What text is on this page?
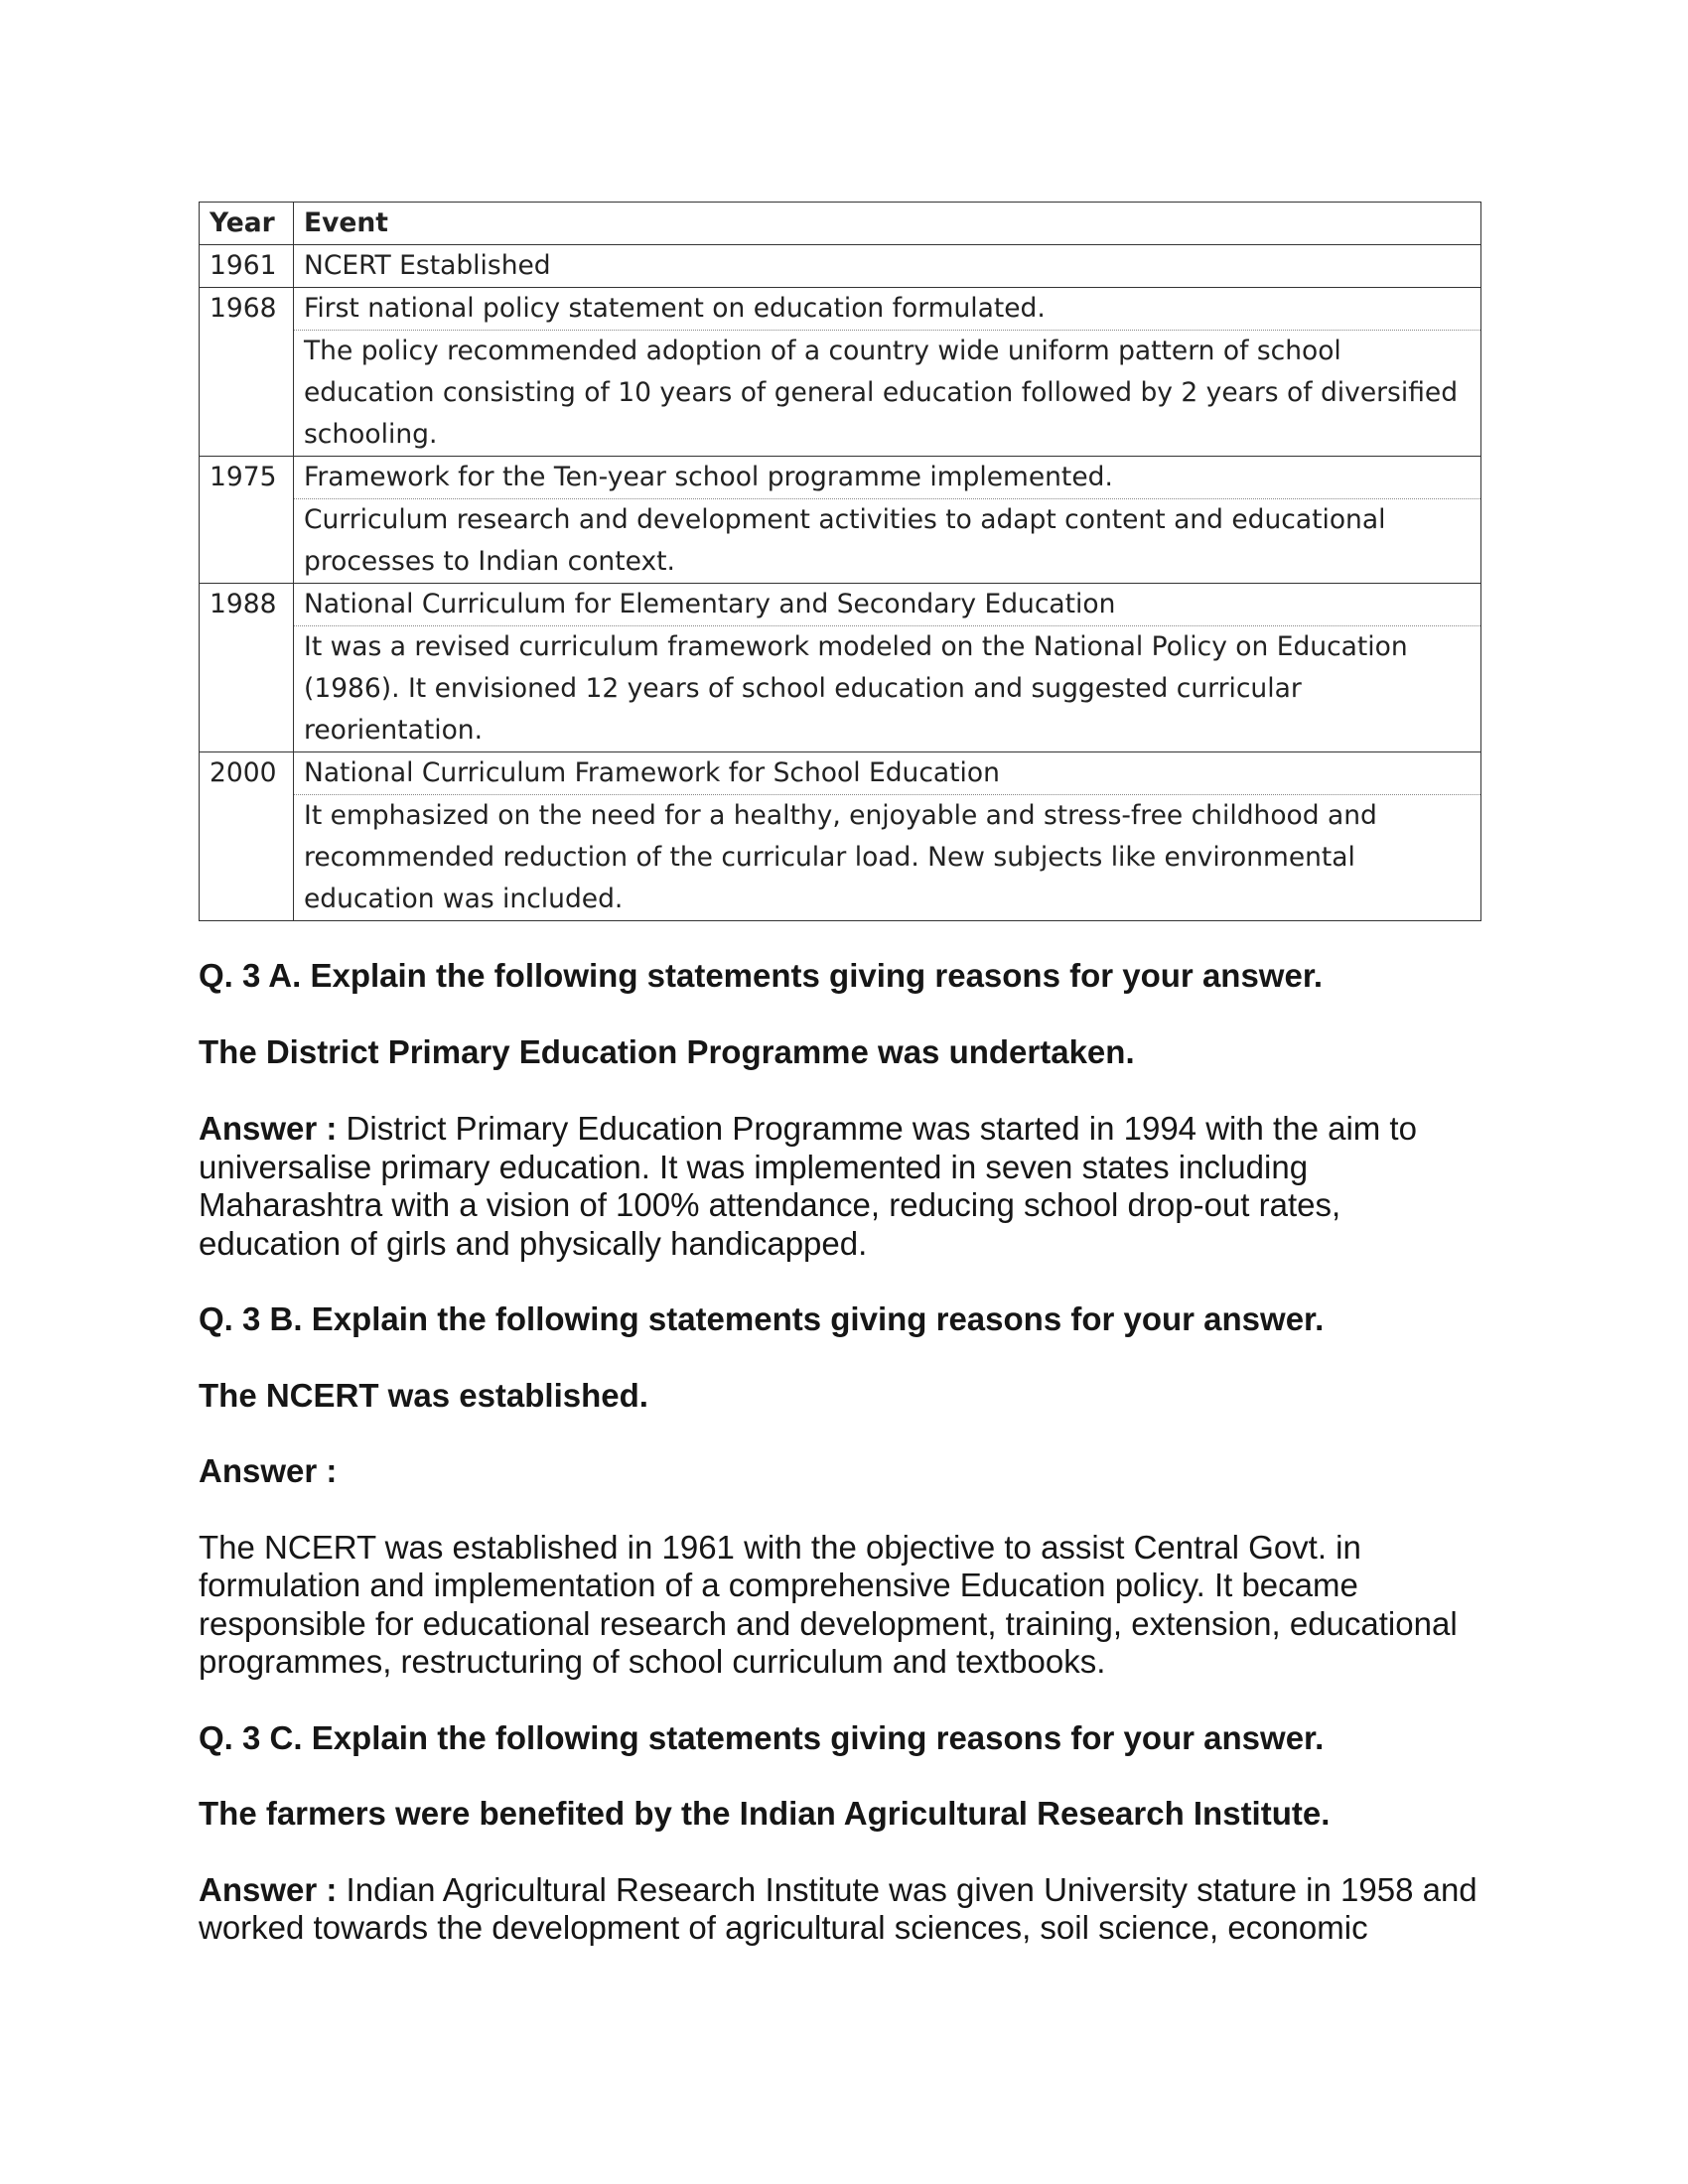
Year	Event
1961	NCERT Established
1968	First national policy statement on education formulated.
	The policy recommended adoption of a country wide uniform pattern of school education consisting of 10 years of general education followed by 2 years of diversified schooling.
1975	Framework for the Ten-year school programme implemented.
	Curriculum research and development activities to adapt content and educational processes to Indian context.
1988	National Curriculum for Elementary and Secondary Education
	It was a revised curriculum framework modeled on the National Policy on Education (1986). It envisioned 12 years of school education and suggested curricular reorientation.
2000	National Curriculum Framework for School Education
	It emphasized on the need for a healthy, enjoyable and stress-free childhood and recommended reduction of the curricular load. New subjects like environmental education was included.

Q. 3 A. Explain the following statements giving reasons for your answer.

The District Primary Education Programme was undertaken.

Answer : District Primary Education Programme was started in 1994 with the aim to universalise primary education. It was implemented in seven states including Maharashtra with a vision of 100% attendance, reducing school drop-out rates, education of girls and physically handicapped.

Q. 3 B. Explain the following statements giving reasons for your answer.

The NCERT was established.

Answer :

The NCERT was established in 1961 with the objective to assist Central Govt. in formulation and implementation of a comprehensive Education policy. It became responsible for educational research and development, training, extension, educational programmes, restructuring of school curriculum and textbooks.

Q. 3 C. Explain the following statements giving reasons for your answer.

The farmers were benefited by the Indian Agricultural Research Institute.

Answer : Indian Agricultural Research Institute was given University stature in 1958 and worked towards the development of agricultural sciences, soil science, economic
